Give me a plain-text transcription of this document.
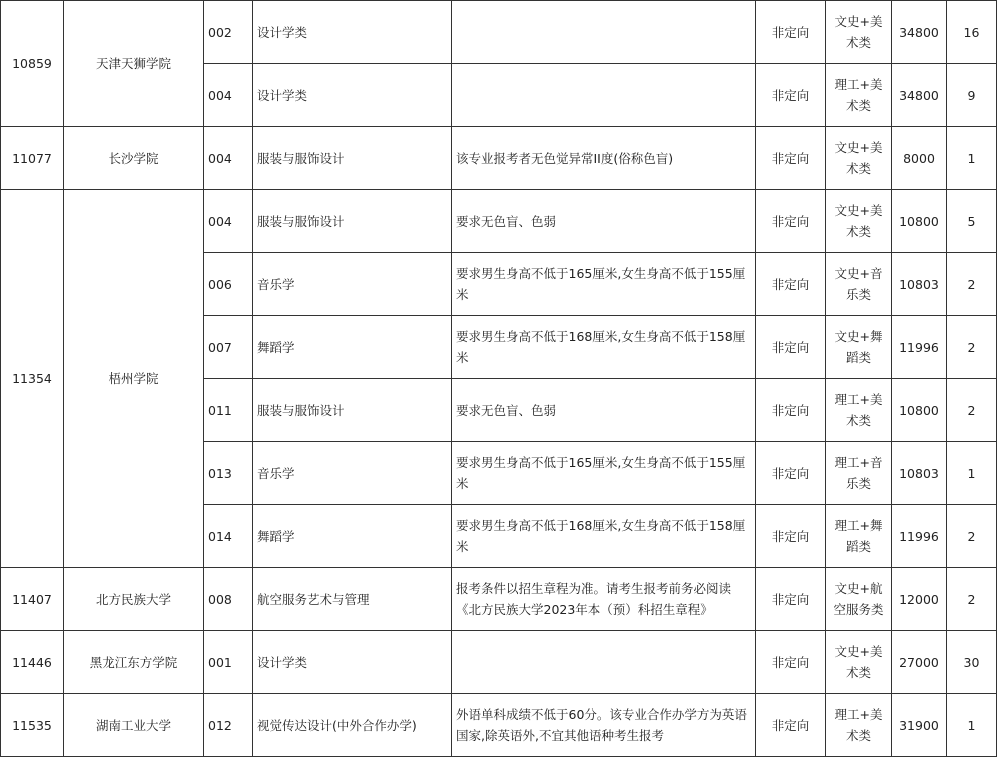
10859	天津天狮学院	002	设计学类		非定向	文史+美术类	34800	16
		004	设计学类		非定向	理工+美术类	34800	9
11077	长沙学院	004	服装与服饰设计	该专业报考者无色觉异常II度(俗称色盲)	非定向	文史+美术类	8000	1
11354	梧州学院	004	服装与服饰设计	要求无色盲、色弱	非定向	文史+美术类	10800	5
		006	音乐学	要求男生身高不低于165厘米,女生身高不低于155厘米	非定向	文史+音乐类	10803	2
		007	舞蹈学	要求男生身高不低于168厘米,女生身高不低于158厘米	非定向	文史+舞蹈类	11996	2
		011	服装与服饰设计	要求无色盲、色弱	非定向	理工+美术类	10800	2
		013	音乐学	要求男生身高不低于165厘米,女生身高不低于155厘米	非定向	理工+音乐类	10803	1
		014	舞蹈学	要求男生身高不低于168厘米,女生身高不低于158厘米	非定向	理工+舞蹈类	11996	2
11407	北方民族大学	008	航空服务艺术与管理	报考条件以招生章程为准。请考生报考前务必阅读《北方民族大学2023年本（预）科招生章程》	非定向	文史+航空服务类	12000	2
11446	黑龙江东方学院	001	设计学类		非定向	文史+美术类	27000	30
11535	湖南工业大学	012	视觉传达设计(中外合作办学)	外语单科成绩不低于60分。该专业合作办学方为英语国家,除英语外,不宜其他语种考生报考	非定向	理工+美术类	31900	1
